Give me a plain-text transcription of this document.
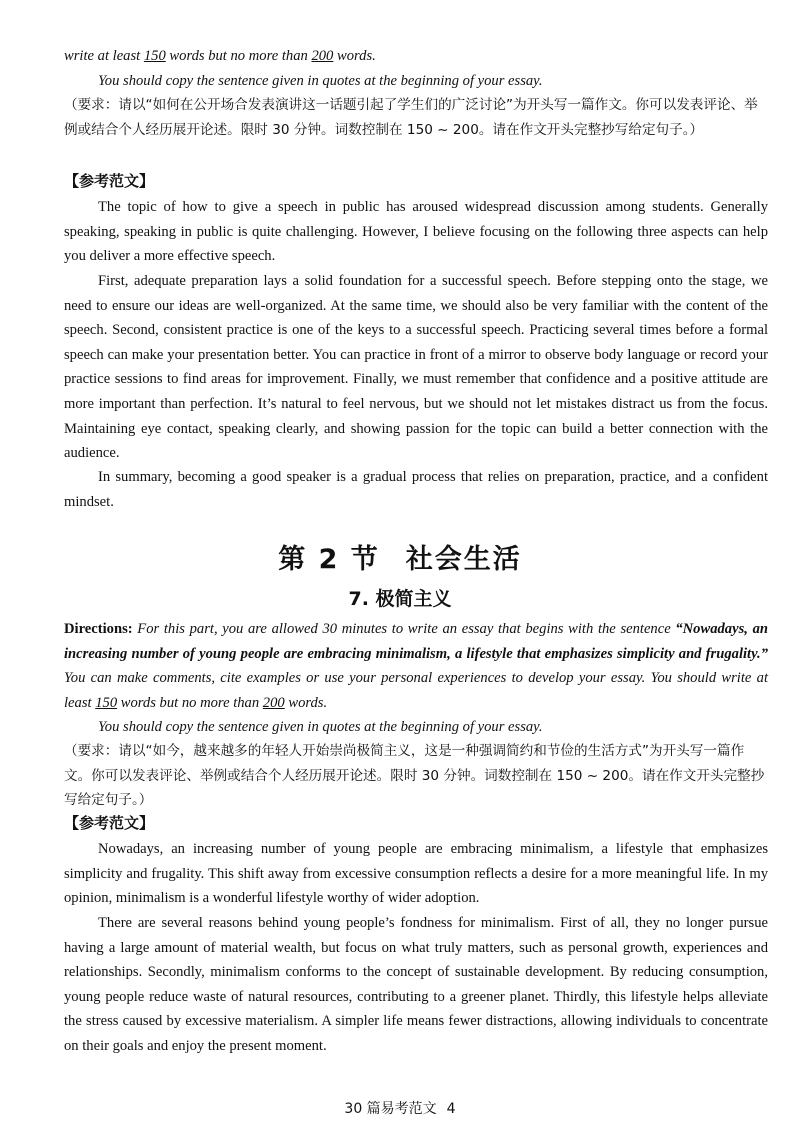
write at least 150 words but no more than 200 words.
You should copy the sentence given in quotes at the beginning of your essay.
（要求：请以“如何在公开场合发表演讲这一话题引起了学生们的广泛讨论”为开头写一篇作文。你可以发表评论、举例或结合个人经历展开论述。限时 30 分钟。词数控制在 150 ~ 200。请在作文开头完整抄写给定句子。）
【参考范文】
The topic of how to give a speech in public has aroused widespread discussion among students. Generally speaking, speaking in public is quite challenging. However, I believe focusing on the following three aspects can help you deliver a more effective speech.
First, adequate preparation lays a solid foundation for a successful speech. Before stepping onto the stage, we need to ensure our ideas are well-organized. At the same time, we should also be very familiar with the content of the speech. Second, consistent practice is one of the keys to a successful speech. Practicing several times before a formal speech can make your presentation better. You can practice in front of a mirror to observe body language or record your practice sessions to find areas for improvement. Finally, we must remember that confidence and a positive attitude are more important than perfection. It’s natural to feel nervous, but we should not let mistakes distract us from the focus. Maintaining eye contact, speaking clearly, and showing passion for the topic can build a better connection with the audience.
In summary, becoming a good speaker is a gradual process that relies on preparation, practice, and a confident mindset.
第 2 节 社会生活
7. 极简主义
Directions: For this part, you are allowed 30 minutes to write an essay that begins with the sentence “Nowadays, an increasing number of young people are embracing minimalism, a lifestyle that emphasizes simplicity and frugality.” You can make comments, cite examples or use your personal experiences to develop your essay. You should write at least 150 words but no more than 200 words.
You should copy the sentence given in quotes at the beginning of your essay.
（要求：请以“如今，越来越多的年轻人开始崇尚极简主义，这是一种强调简约和节俭的生活方式”为开头写一篇作文。你可以发表评论、举例或结合个人经历展开论述。限时 30 分钟。词数控制在 150 ~ 200。请在作文开头完整抄写给定句子。）
【参考范文】
Nowadays, an increasing number of young people are embracing minimalism, a lifestyle that emphasizes simplicity and frugality. This shift away from excessive consumption reflects a desire for a more meaningful life. In my opinion, minimalism is a wonderful lifestyle worthy of wider adoption.
There are several reasons behind young people’s fondness for minimalism. First of all, they no longer pursue having a large amount of material wealth, but focus on what truly matters, such as personal growth, experiences and relationships. Secondly, minimalism conforms to the concept of sustainable development. By reducing consumption, young people reduce waste of natural resources, contributing to a greener planet. Thirdly, this lifestyle helps alleviate the stress caused by excessive materialism. A simpler life means fewer distractions, allowing individuals to concentrate on their goals and enjoy the present moment.
30 篇易考范文 4
